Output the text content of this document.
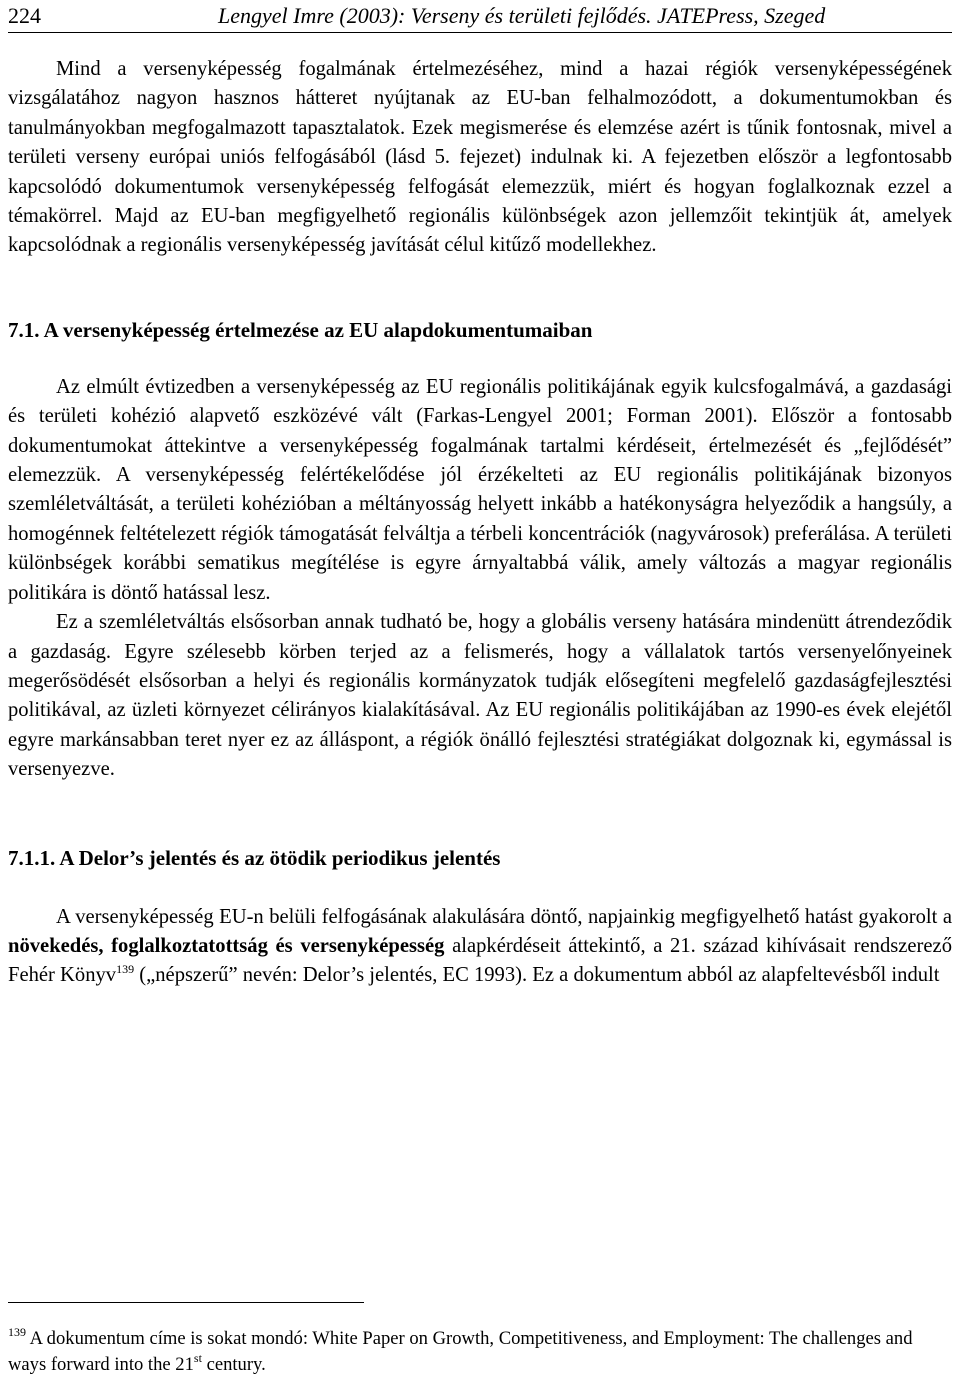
224	Lengyel Imre (2003): Verseny és területi fejlődés. JATEPress, Szeged

Mind a versenyképesség fogalmának értelmezéséhez, mind a hazai régiók versenyképességének vizsgálatához nagyon hasznos hátteret nyújtanak az EU-ban felhalmozódott, a dokumentumokban és tanulmányokban megfogalmazott tapasztalatok. Ezek megismerése és elemzése azért is tűnik fontosnak, mivel a területi verseny európai uniós felfogásából (lásd 5. fejezet) indulnak ki. A fejezetben először a legfontosabb kapcsolódó dokumentumok versenyképesség felfogását elemezzük, miért és hogyan foglalkoznak ezzel a témakörrel. Majd az EU-ban megfigyelhető regionális különbségek azon jellemzőit tekintjük át, amelyek kapcsolódnak a regionális versenyképesség javítását célul kitűző modellekhez.

7.1. A versenyképesség értelmezése az EU alapdokumentumaiban

Az elmúlt évtizedben a versenyképesség az EU regionális politikájának egyik kulcsfogalmává, a gazdasági és területi kohézió alapvető eszközévé vált (Farkas-Lengyel 2001; Forman 2001). Először a fontosabb dokumentumokat áttekintve a versenyképesség fogalmának tartalmi kérdéseit, értelmezését és „fejlődését” elemezzük. A versenyképesség felértékelődése jól érzékelteti az EU regionális politikájának bizonyos szemléletváltását, a területi kohézióban a méltányosság helyett inkább a hatékonyságra helyeződik a hangsúly, a homogénnek feltételezett régiók támogatását felváltja a térbeli koncentrációk (nagyvárosok) preferálása. A területi különbségek korábbi sematikus megítélése is egyre árnyaltabbá válik, amely változás a magyar regionális politikára is döntő hatással lesz.

Ez a szemléletváltás elsősorban annak tudható be, hogy a globális verseny hatására mindenütt átrendeződik a gazdaság. Egyre szélesebb körben terjed az a felismerés, hogy a vállalatok tartós versenyelőnyeinek megerősödését elsősorban a helyi és regionális kormányzatok tudják elősegíteni megfelelő gazdaságfejlesztési politikával, az üzleti környezet célirányos kialakításával. Az EU regionális politikájában az 1990-es évek elejétől egyre markánsabban teret nyer ez az álláspont, a régiók önálló fejlesztési stratégiákat dolgoznak ki, egymással is versenyezve.

7.1.1. A Delor’s jelentés és az ötödik periodikus jelentés

A versenyképesség EU-n belüli felfogásának alakulására döntő, napjainkig megfigyelhető hatást gyakorolt a növekedés, foglalkoztatottság és versenyképesség alapkérdéseit áttekintő, a 21. század kihívásait rendszerező Fehér Könyv$^{139}$ („népszerű” nevén: Delor’s jelentés, EC 1993). Ez a dokumentum abból az alapfeltevésből indult

$^{139}$ A dokumentum címe is sokat mondó: White Paper on Growth, Competitiveness, and Employment: The challenges and ways forward into the 21st century.
